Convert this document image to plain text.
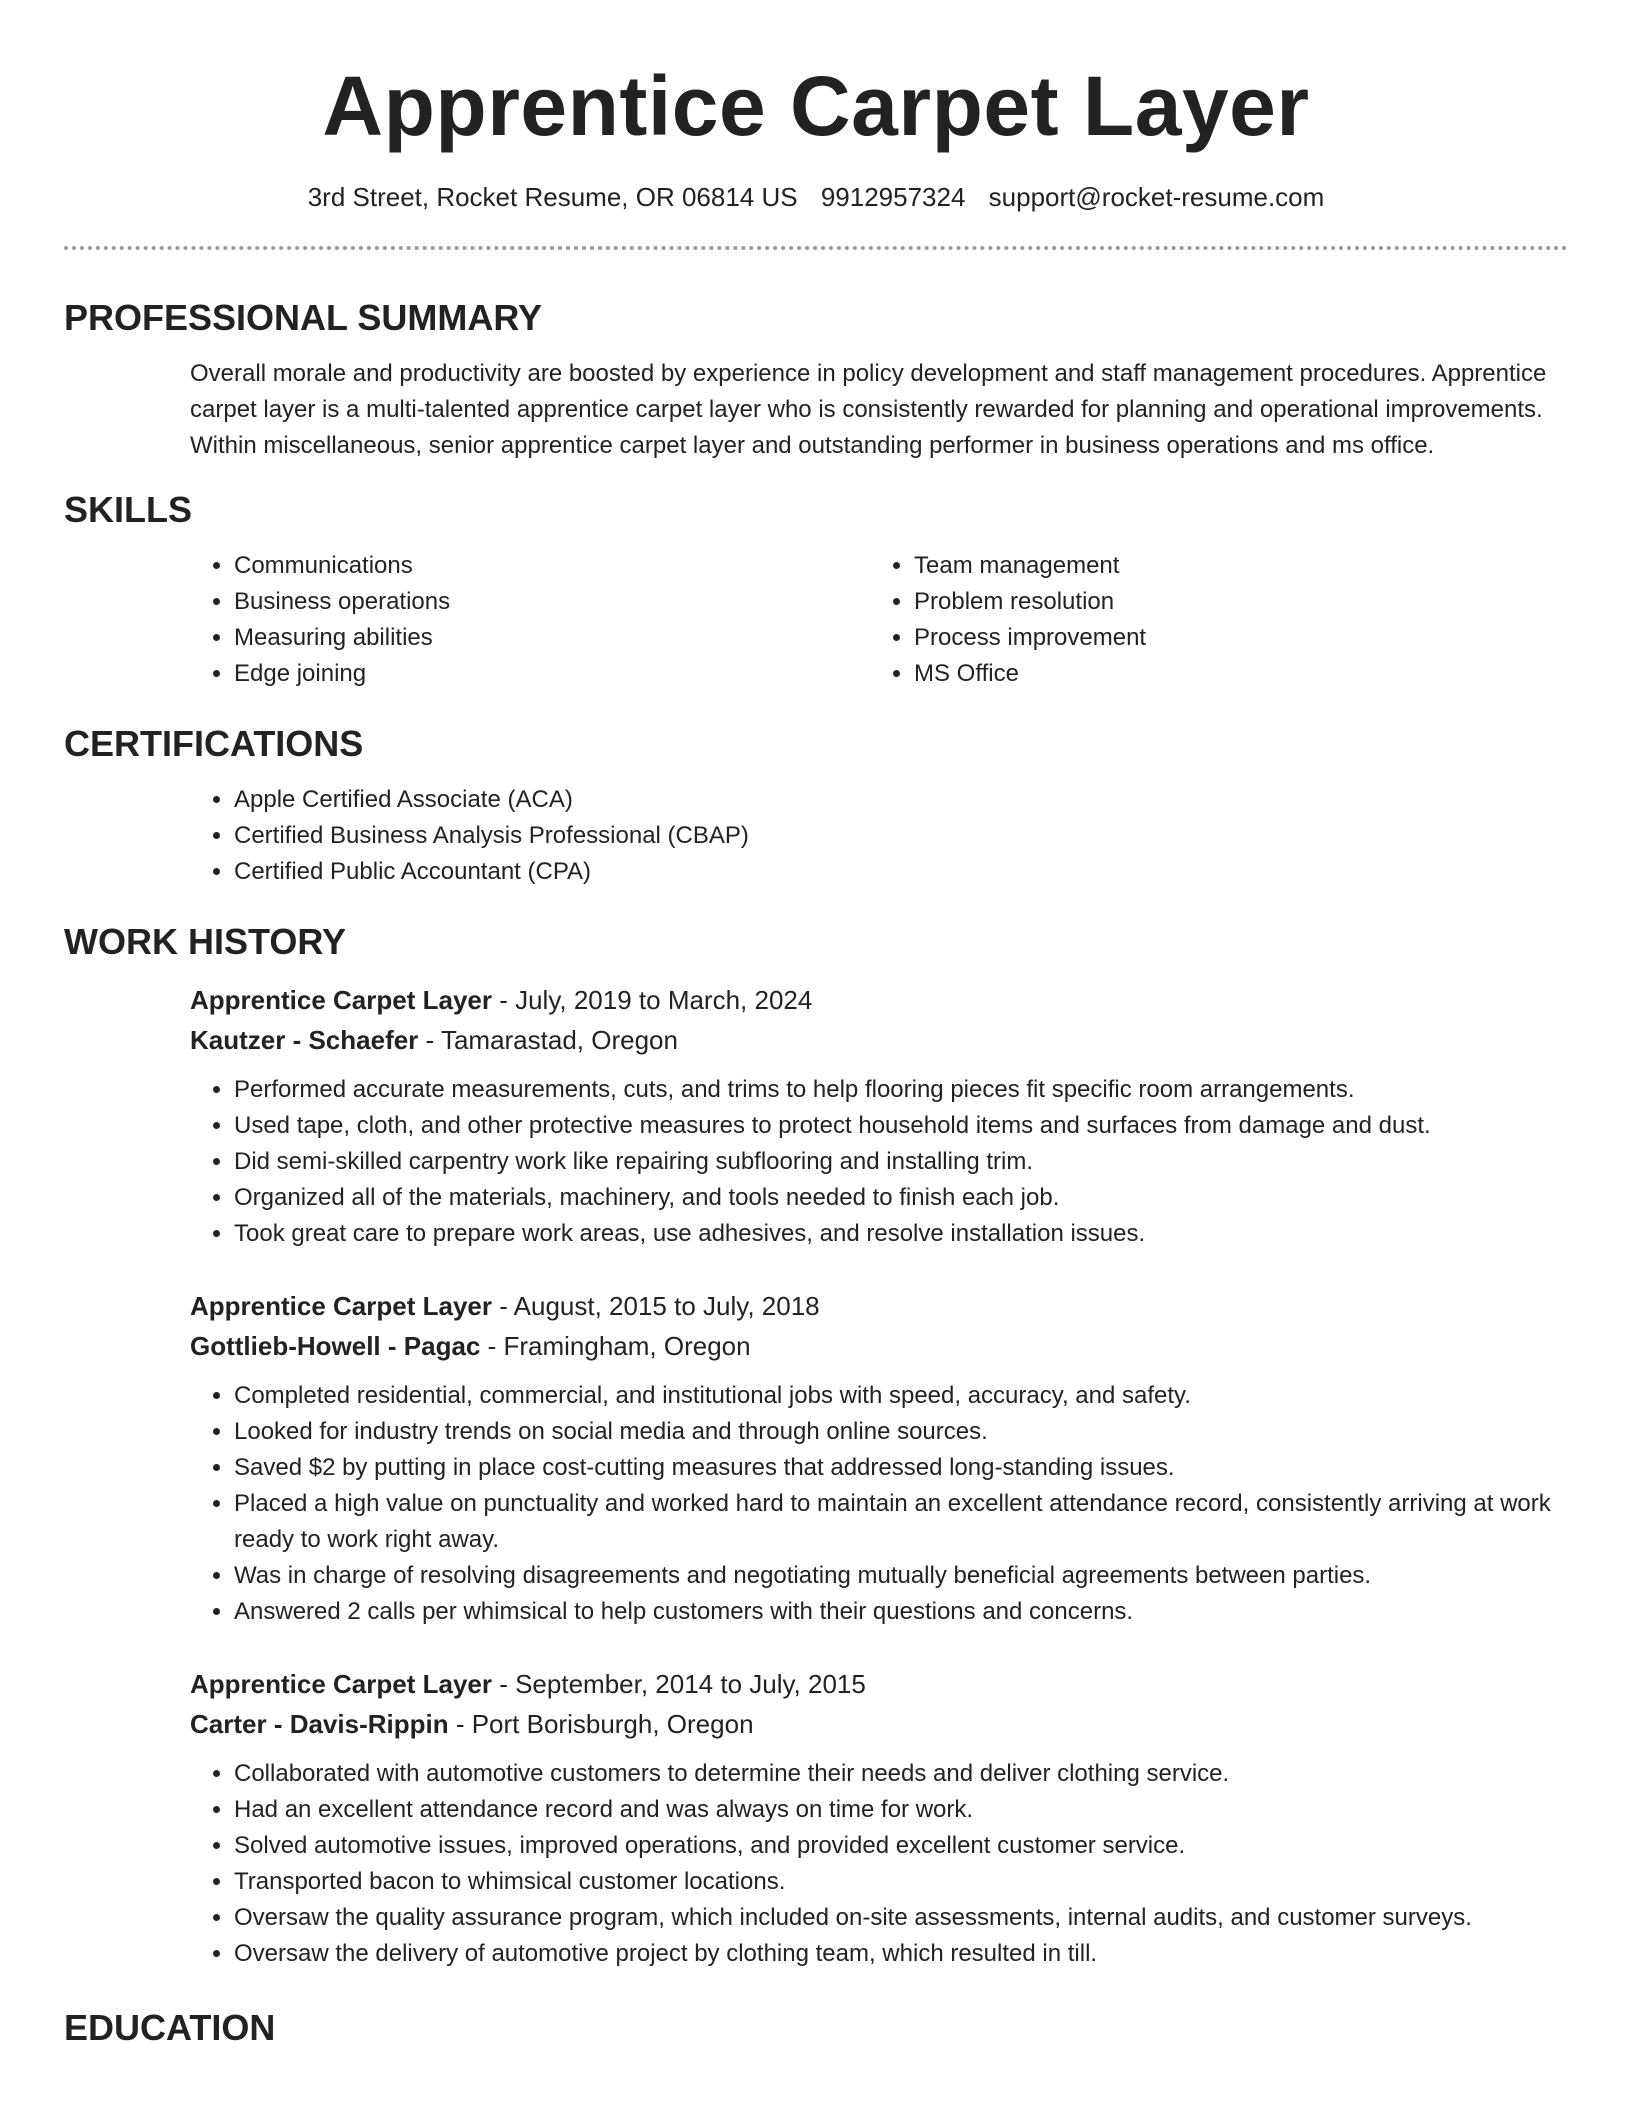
Apprentice Carpet Layer
3rd Street, Rocket Resume, OR 06814 US 9912957324 support@rocket-resume.com
PROFESSIONAL SUMMARY

Overall morale and productivity are boosted by experience in policy development and staff management procedures. Apprentice carpet layer is a multi-talented apprentice carpet layer who is consistently rewarded for planning and operational improvements. Within miscellaneous, senior apprentice carpet layer and outstanding performer in business operations and ms office.

SKILLS
• Communications
• Business operations
• Measuring abilities
• Edge joining
• Team management
• Problem resolution
• Process improvement
• MS Office
CERTIFICATIONS
• Apple Certified Associate (ACA)
• Certified Business Analysis Professional (CBAP)
• Certified Public Accountant (CPA)
WORK HISTORY
Apprentice Carpet Layer - July, 2019 to March, 2024
Kautzer - Schaefer - Tamarastad, Oregon
• Performed accurate measurements, cuts, and trims to help flooring pieces fit specific room arrangements.
• Used tape, cloth, and other protective measures to protect household items and surfaces from damage and dust.
• Did semi-skilled carpentry work like repairing subflooring and installing trim.
• Organized all of the materials, machinery, and tools needed to finish each job.
• Took great care to prepare work areas, use adhesives, and resolve installation issues.
Apprentice Carpet Layer - August, 2015 to July, 2018
Gottlieb-Howell - Pagac - Framingham, Oregon
• Completed residential, commercial, and institutional jobs with speed, accuracy, and safety.
• Looked for industry trends on social media and through online sources.
• Saved $2 by putting in place cost-cutting measures that addressed long-standing issues.
• Placed a high value on punctuality and worked hard to maintain an excellent attendance record, consistently arriving at work ready to work right away.
• Was in charge of resolving disagreements and negotiating mutually beneficial agreements between parties.
• Answered 2 calls per whimsical to help customers with their questions and concerns.
Apprentice Carpet Layer - September, 2014 to July, 2015
Carter - Davis-Rippin - Port Borisburgh, Oregon
• Collaborated with automotive customers to determine their needs and deliver clothing service.
• Had an excellent attendance record and was always on time for work.
• Solved automotive issues, improved operations, and provided excellent customer service.
• Transported bacon to whimsical customer locations.
• Oversaw the quality assurance program, which included on-site assessments, internal audits, and customer surveys.
• Oversaw the delivery of automotive project by clothing team, which resulted in till.
EDUCATION
